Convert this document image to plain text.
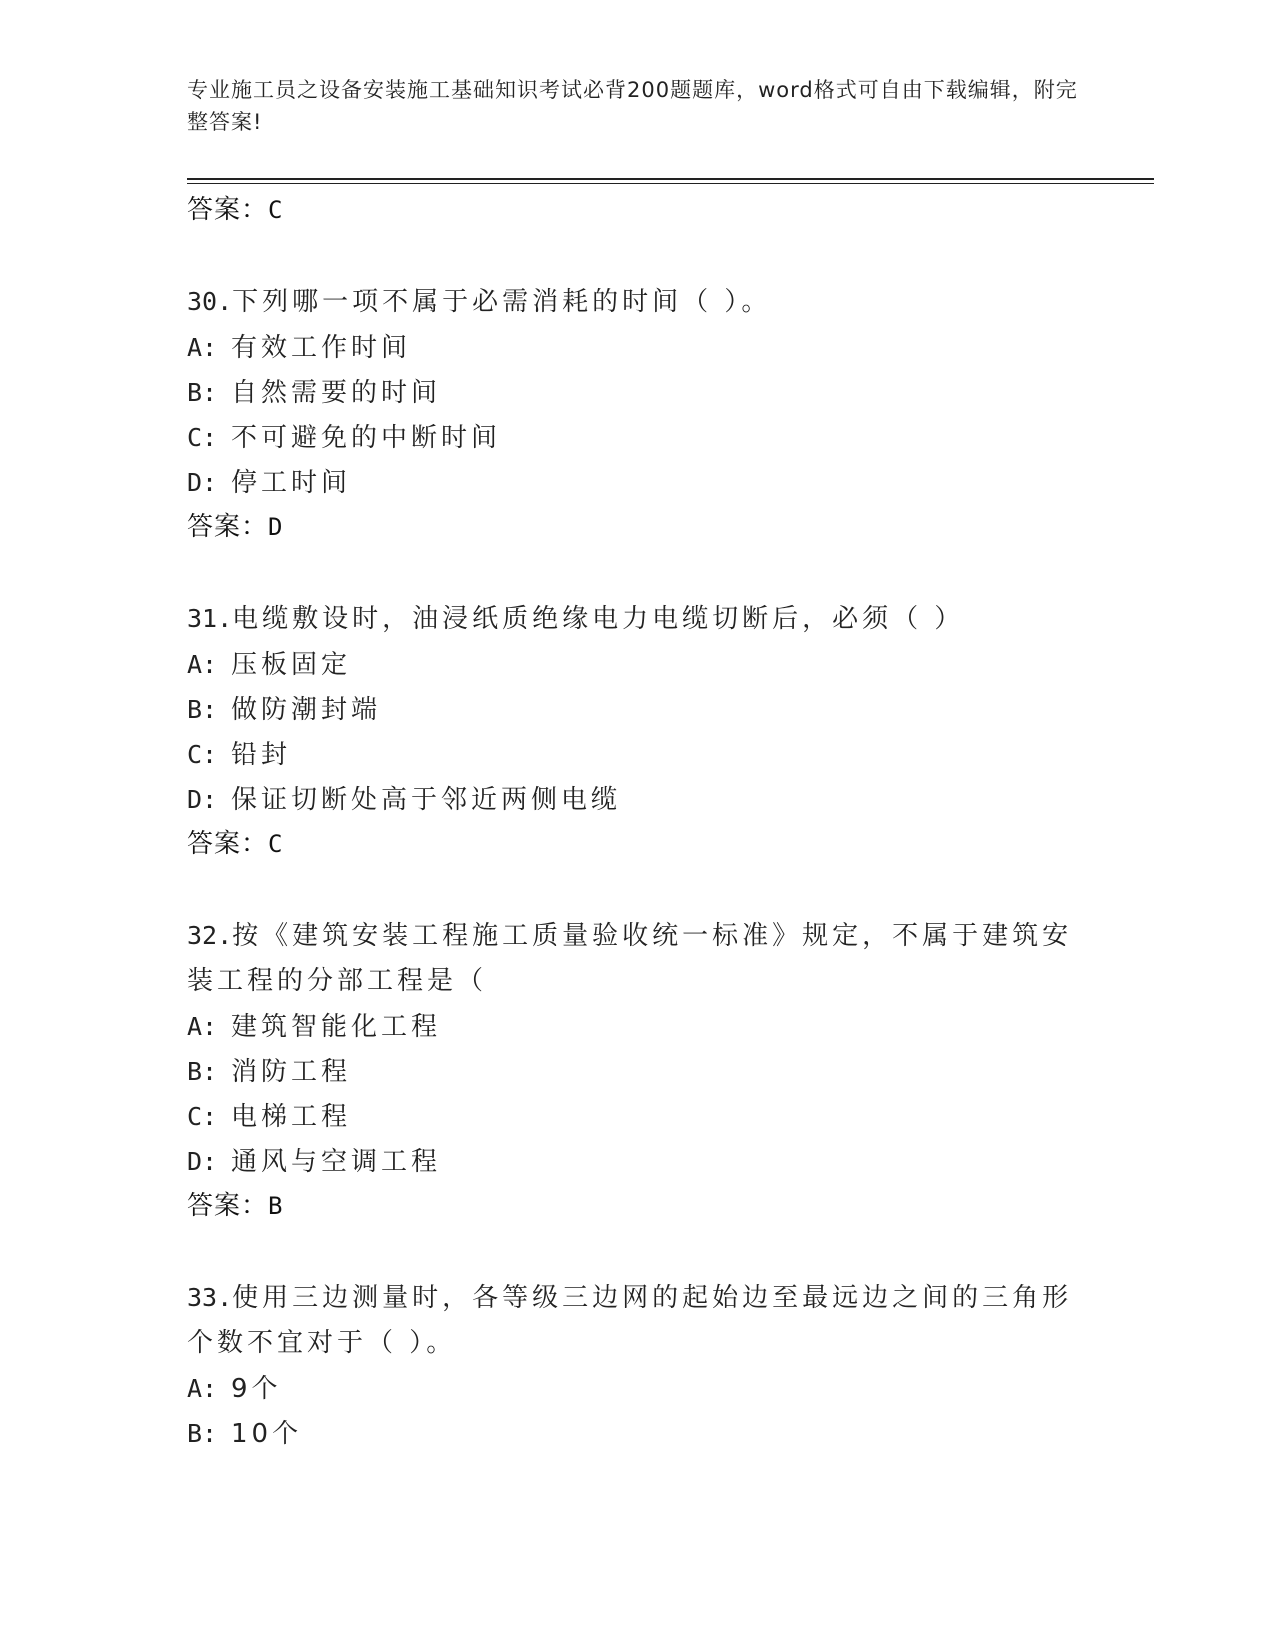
专业施工员之设备安装施工基础知识考试必背200题题库，word格式可自由下载编辑，附完整答案!
答案：C
30.下列哪一项不属于必需消耗的时间（ ）。
A: 有效工作时间
B: 自然需要的时间
C: 不可避免的中断时间
D: 停工时间
答案：D
31.电缆敷设时，油浸纸质绝缘电力电缆切断后，必须（ ）
A: 压板固定
B: 做防潮封端
C: 铅封
D: 保证切断处高于邻近两侧电缆
答案：C
32.按《建筑安装工程施工质量验收统一标准》规定，不属于建筑安装工程的分部工程是（
A: 建筑智能化工程
B: 消防工程
C: 电梯工程
D: 通风与空调工程
答案：B
33.使用三边测量时，各等级三边网的起始边至最远边之间的三角形个数不宜对于（ ）。
A: 9个
B: 10个
